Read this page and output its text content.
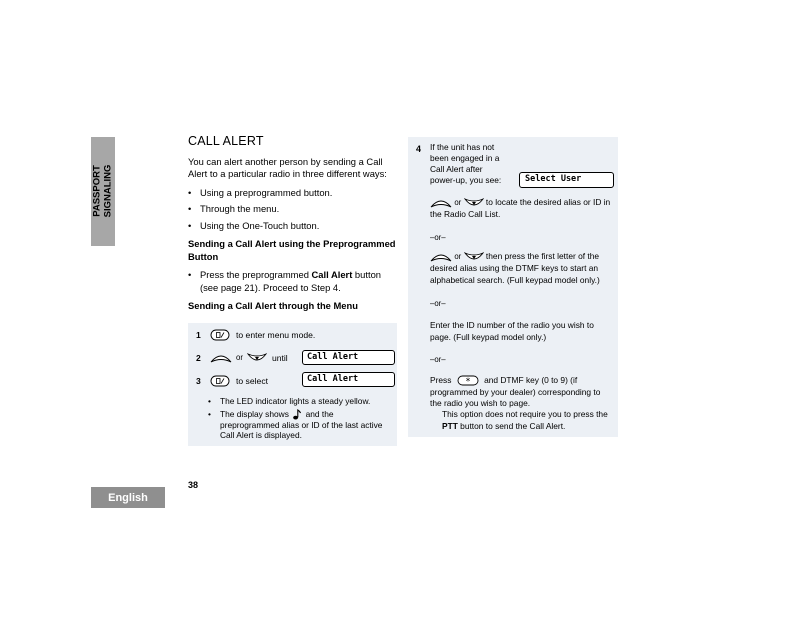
PASSPORT SIGNALING
English
38
CALL ALERT
You can alert another person by sending a Call Alert to a particular radio in three different ways:
• Using a preprogrammed button.
• Through the menu.
• Using the One-Touch button.
Sending a Call Alert using the Preprogrammed Button
• Press the preprogrammed Call Alert button (see page 21). Proceed to Step 4.
Sending a Call Alert through the Menu
1	to enter menu mode.
2	or	until	Call Alert
3	to select	Call Alert
• The LED indicator lights a steady yellow.
• The display shows and the preprogrammed alias or ID of the last active Call Alert is displayed.
4 If the unit has not been engaged in a Call Alert after power-up, you see:	Select User
or	to locate the desired alias or ID in the Radio Call List.
–or–
or	then press the first letter of the desired alias using the DTMF keys to start an alphabetical search. (Full keypad model only.)
–or–
Enter the ID number of the radio you wish to page. (Full keypad model only.)
–or–
Press * and DTMF key (0 to 9) (if programmed by your dealer) corresponding to the radio you wish to page.
This option does not require you to press the PTT button to send the Call Alert.
